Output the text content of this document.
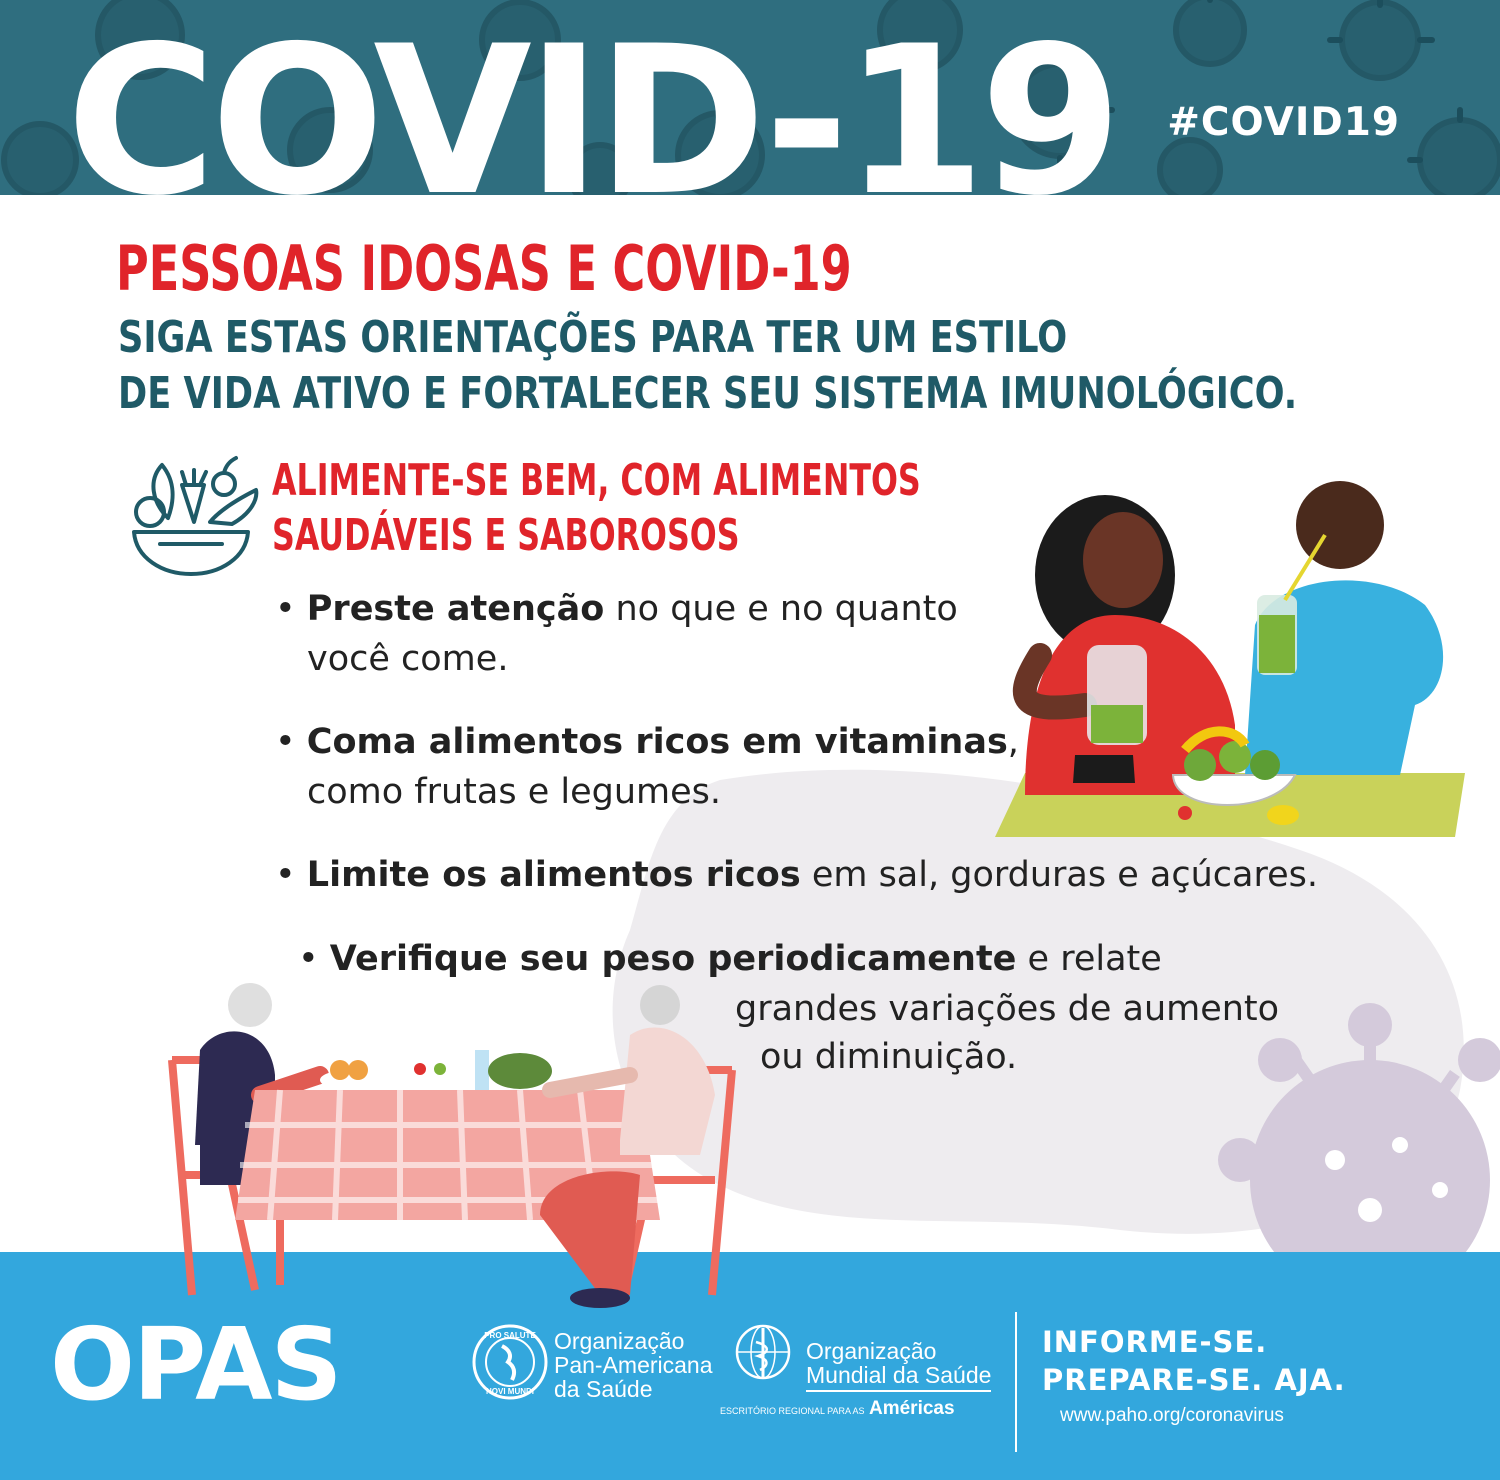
COVID-19 #COVID19
PESSOAS IDOSAS E COVID-19
SIGA ESTAS ORIENTAÇÕES PARA TER UM ESTILO
DE VIDA ATIVO E FORTALECER SEU SISTEMA IMUNOLÓGICO.
ALIMENTE-SE BEM, COM ALIMENTOS
SAUDÁVEIS E SABOROSOS
• Preste atenção no que e no quanto
você come.
• Coma alimentos ricos em vitaminas,
como frutas e legumes.
• Limite os alimentos ricos em sal, gorduras e açúcares.
• Verifique seu peso periodicamente e relate
grandes variações de aumento
ou diminuição.
OPAS	PRO SALUTE
NOVI MUNDI
Organização
Pan-Americana
da Saúde
Organização
Mundial da Saúde
ESCRITÓRIO REGIONAL PARA AS Américas
INFORME-SE.
PREPARE-SE. AJA.
www.paho.org/coronavirus
